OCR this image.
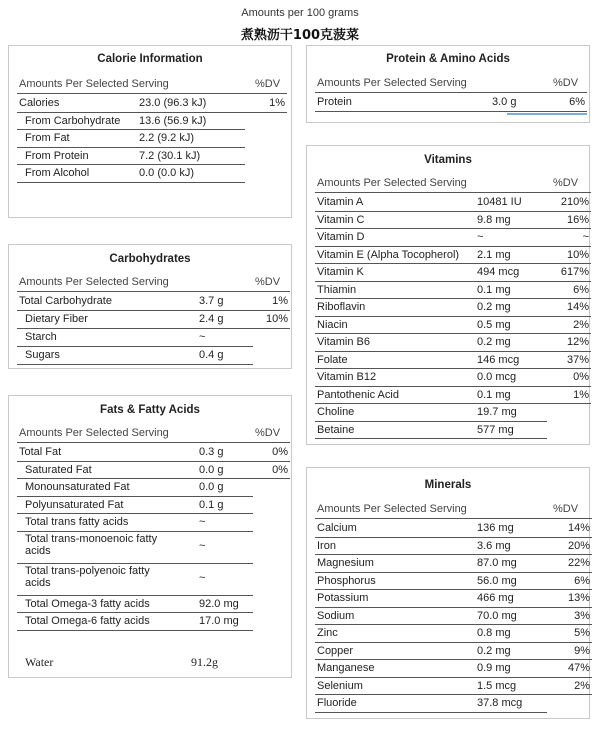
Amounts per 100 grams
煮熟沥干100克菠菜
Calorie Information
Amounts Per Selected Serving	%DV
Calories	23.0 (96.3 kJ)	1%
From Carbohydrate 13.6 (56.9 kJ)
From Fat	2.2 (9.2 kJ)
From Protein	7.2 (30.1 kJ)
From Alcohol	0.0 (0.0 kJ)
Carbohydrates
Amounts Per Selected Serving	%DV
Total Carbohydrate	3.7 g	1%
Dietary Fiber	2.4 g	10%
Starch	~
Sugars	0.4 g
Fats & Fatty Acids
Amounts Per Selected Serving	%DV
Total Fat	0.3 g	0%
Saturated Fat	0.0 g	0%
Monounsaturated Fat	0.0 g
Polyunsaturated Fat	0.1 g
Total trans fatty acids	~
Total trans-monoenoic fatty acids	~
Total trans-polyenoic fatty acids	~
Total Omega-3 fatty acids	92.0 mg
Total Omega-6 fatty acids	17.0 mg
Water	91.2g
Protein & Amino Acids
Amounts Per Selected Serving	%DV
Protein	3.0 g	6%
Vitamins
Amounts Per Selected Serving	%DV
Vitamin A	10481 IU	210%
Vitamin C	9.8 mg	16%
Vitamin D	~	~
Vitamin E (Alpha Tocopherol) 2.1 mg	10%
Vitamin K	494 mcg	617%
Thiamin	0.1 mg	6%
Riboflavin	0.2 mg	14%
Niacin	0.5 mg	2%
Vitamin B6	0.2 mg	12%
Folate	146 mcg	37%
Vitamin B12	0.0 mcg	0%
Pantothenic Acid	0.1 mg	1%
Choline	19.7 mg
Betaine	577 mg
Minerals
Amounts Per Selected Serving	%DV
Calcium	136 mg	14%
Iron	3.6 mg	20%
Magnesium	87.0 mg	22%
Phosphorus	56.0 mg	6%
Potassium	466 mg	13%
Sodium	70.0 mg	3%
Zinc	0.8 mg	5%
Copper	0.2 mg	9%
Manganese	0.9 mg	47%
Selenium	1.5 mcg	2%
Fluoride	37.8 mcg
